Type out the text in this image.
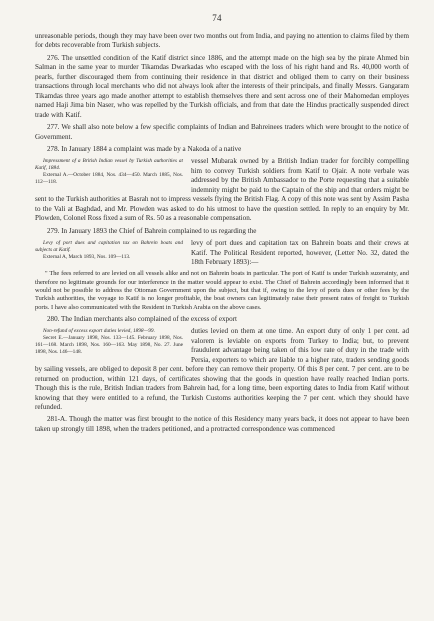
74

unreasonable periods, though they may have been over two months out from India, and paying no attention to claims filed by them for debts recoverable from Turkish subjects.

276. The unsettled condition of the Katif district since 1886, and the attempt made on the high sea by the pirate Ahmed bin Salman in the same year to murder Tikamdas Dwarkadas who escaped with the loss of his right hand and Rs. 40,000 worth of pearls, further discouraged them from continuing their residence in that district and obliged them to carry on their business transactions through local merchants who did not always look after the interests of their principals, and finally Messrs. Gangaram Tikamdas three years ago made another attempt to establish themselves there and sent across one of their Mahomedan employes named Haji Jima bin Naser, who was repelled by the Turkish officials, and from that date the Hindus practically suspended direct trade with Katif.

277. We shall also note below a few specific complaints of Indian and Bahreinees traders which were brought to the notice of Government.

278. In January 1884 a complaint was made by a Nakoda of a native

Impressment of a British Indian vessel by Turkish authorities at Katif, 1884.
External A.—October 1884, Nos. 434—450. March 1885, Nos. 112—118.

vessel Mubarak owned by a British Indian trader for forcibly compelling him to convey Turkish soldiers from Katif to Ojair. A note verbale was addressed by the British Ambassador to the Porte requesting that a suitable indemnity might be paid to the Captain of the ship and that orders might be sent to the Turkish authorities at Basrah not to impress vessels flying the British Flag. A copy of this note was sent by Assim Pasha to the Vali at Baghdad, and Mr. Plowden was asked to do his utmost to have the question settled. In reply to an enquiry by Mr. Plowden, Colonel Ross fixed a sum of Rs. 50 as a reasonable compensation.

279. In January 1893 the Chief of Bahrein complained to us regarding the

Levy of port dues and capitation tax on Bahrein boats and subjects at Katif.
External A, March 1893, Nos. 109—113.

levy of port dues and capitation tax on Bahrein boats and their crews at Katif. The Political Resident reported, however, (Letter No. 32, dated the 18th February 1893):—

" The fees referred to are levied on all vessels alike and not on Bahrein boats in particular. The port of Katif is under Turkish suzerainty, and therefore no legitimate grounds for our interference in the matter would appear to exist. The Chief of Bahrein accordingly been informed that it would not be possible to address the Ottoman Government upon the subject, but that if, owing to the levy of ports dues or other fees by the Turkish authorities, the voyage to Katif is no longer profitable, the boat owners can legitimately raise their present rates of freight to Turkish ports. I have also communicated with the Resident in Turkish Arabia on the above cases.

280. The Indian merchants also complained of the excess of export

Non-refund of excess export duties levied, 1898—99.
Secret E.—January 1898, Nos. 133—145. February 1898, Nos. 161—168. March 1898, Nos. 160—163. May 1898, No. 27. June 1898, Nos. 146—148.

duties levied on them at one time. An export duty of only 1 per cent. ad valorem is leviable on exports from Turkey to India; but, to prevent fraudulent advantage being taken of this low rate of duty in the trade with Persia, exporters to which are liable to a higher rate, traders sending goods by sailing vessels, are obliged to deposit 8 per cent. before they can remove their property. Of this 8 per cent. 7 per cent. are to be returned on production, within 121 days, of certificates showing that the goods in question have really reached Indian ports. Though this is the rule, British Indian traders from Bahrein had, for a long time, been exporting dates to India from Katif without knowing that they were entitled to a refund, the Turkish Customs authorities keeping the 7 per cent. which they should have refunded.

281-A. Though the matter was first brought to the notice of this Residency many years back, it does not appear to have been taken up strongly till 1898, when the traders petitioned, and a protracted correspondence was commenced
